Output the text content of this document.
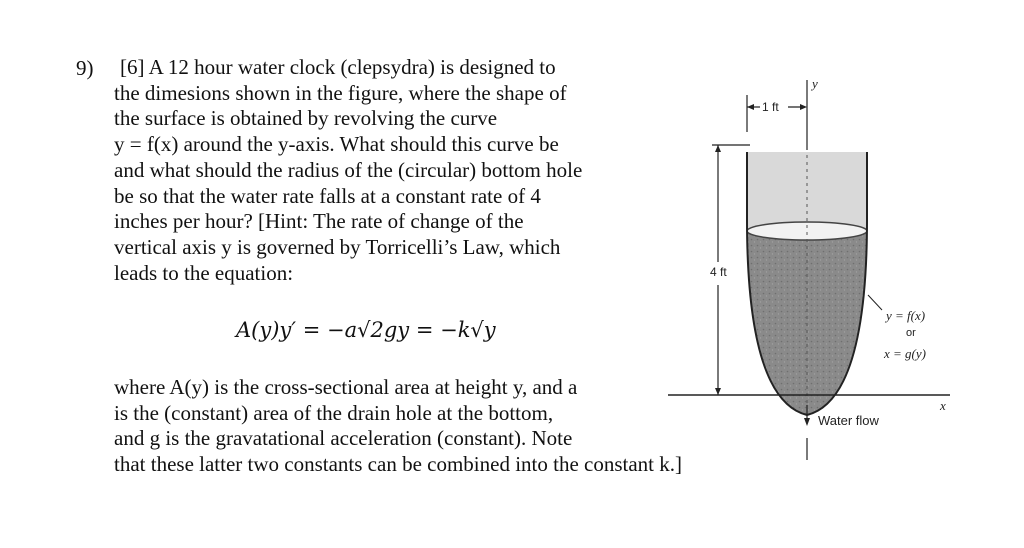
9) [6] A 12 hour water clock (clepsydra) is designed to
the dimesions shown in the figure, where the shape of
the surface is obtained by revolving the curve
y = f(x) around the y-axis. What should this curve be
and what should the radius of the (circular) bottom hole
be so that the water rate falls at a constant rate of 4
inches per hour? [Hint: The rate of change of the
vertical axis y is governed by Torricelli’s Law, which
leads to the equation:
A(y)y′ = −a√2gy = −k√y
where A(y) is the cross-sectional area at height y, and a
is the (constant) area of the drain hole at the bottom,
and g is the gravatational acceleration (constant). Note
that these latter two constants can be combined into the constant k.]
1 ft
y
4 ft
y = f(x)
or
x = g(y)
x
Water flow
